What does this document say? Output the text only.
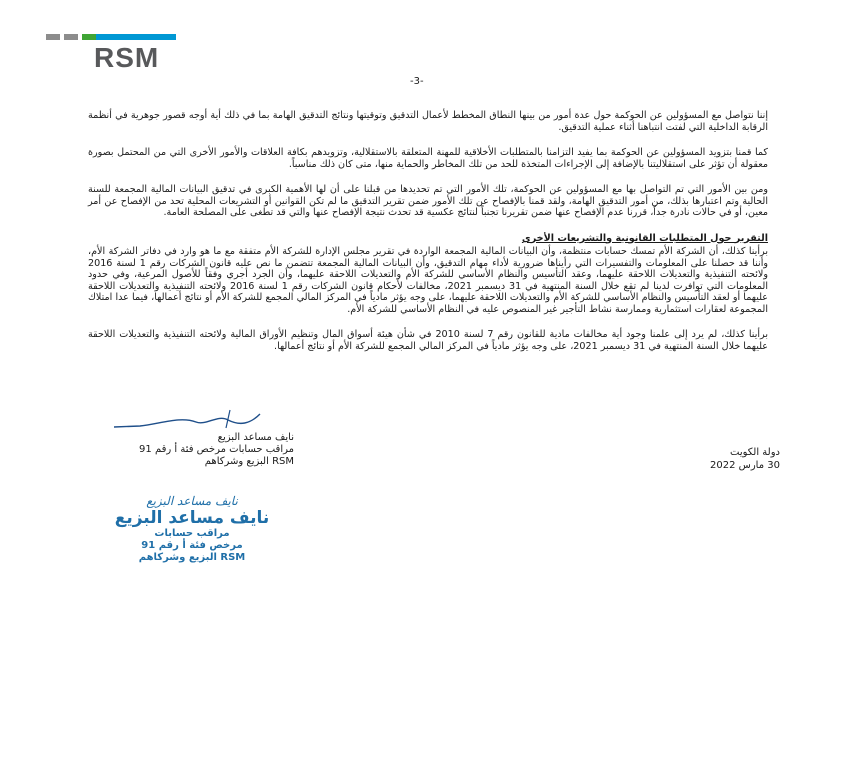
RSM
-3-

إننا نتواصل مع المسؤولين عن الحوكمة حول عدة أمور من بينها النطاق المخطط لأعمال التدقيق وتوقيتها ونتائج التدقيق الهامة بما في ذلك أية أوجه قصور جوهرية في أنظمة الرقابة الداخلية التي لفتت انتباهنا أثناء عملية التدقيق.

كما قمنا بتزويد المسؤولين عن الحوكمة بما يفيد التزامنا بالمتطلبات الأخلاقية للمهنة المتعلقة بالاستقلالية، وتزويدهم بكافة العلاقات والأمور الأخرى التي من المحتمل بصورة معقولة أن تؤثر على استقلاليتنا بالإضافة إلى الإجراءات المتخذة للحد من تلك المخاطر والحماية منها، متى كان ذلك مناسباً.

ومن بين الأمور التي تم التواصل بها مع المسؤولين عن الحوكمة، تلك الأمور التي تم تحديدها من قبلنا على أن لها الأهمية الكبرى في تدقيق البيانات المالية المجمعة للسنة الحالية وتم اعتبارها بذلك، من أمور التدقيق الهامة، ولقد قمنا بالإفصاح عن تلك الأمور ضمن تقرير التدقيق ما لم تكن القوانين أو التشريعات المحلية تحد من الإفصاح عن أمر معين، أو في حالات نادرة جداً، قررنا عدم الإفصاح عنها ضمن تقريرنا تجنباً لنتائج عكسية قد تحدث نتيجة الإفصاح عنها والتي قد تطغى على المصلحة العامة.

التقرير حول المتطلبات القانونية والتشريعات الأخرى

برأينا كذلك، أن الشركة الأم تمسك حسابات منتظمة، وأن البيانات المالية المجمعة الواردة في تقرير مجلس الإدارة للشركة الأم متفقة مع ما هو وارد في دفاتر الشركة الأم، وأننا قد حصلنا على المعلومات والتفسيرات التي رأيناها ضرورية لأداء مهام التدقيق، وأن البيانات المالية المجمعة تتضمن ما نص عليه قانون الشركات رقم 1 لسنة 2016 ولائحته التنفيذية والتعديلات اللاحقة عليهما، وعقد التأسيس والنظام الأساسي للشركة الأم والتعديلات اللاحقة عليهما، وأن الجرد أجري وفقاً للأصول المرعية، وفي حدود المعلومات التي توافرت لدينا لم تقع خلال السنة المنتهية في 31 ديسمبر 2021، مخالفات لأحكام قانون الشركات رقم 1 لسنة 2016 ولائحته التنفيذية والتعديلات اللاحقة عليهما أو لعقد التأسيس والنظام الأساسي للشركة الأم والتعديلات اللاحقة عليهما، على وجه يؤثر مادياً في المركز المالي المجمع للشركة الأم أو نتائج أعمالها، فيما عدا امتلاك المجموعة لعقارات استثمارية وممارسة نشاط التأجير غير المنصوص عليه في النظام الأساسي للشركة الأم.

برأينا كذلك، لم يرد إلى علمنا وجود أية مخالفات مادية للقانون رقم 7 لسنة 2010 في شأن هيئة أسواق المال وتنظيم الأوراق المالية ولائحته التنفيذية والتعديلات اللاحقة عليهما خلال السنة المنتهية في 31 ديسمبر 2021، على وجه يؤثر مادياً في المركز المالي المجمع للشركة الأم أو نتائج أعمالها.

نايف مساعد البزيع
مراقب حسابات مرخص فئة أ رقم 91
RSM البزيع وشركاهم
نايف مساعد البزيع
نايف مساعد البزيع
مراقب حسابات
مرخص فئة أ رقم 91
RSM البزيع وشركاهم
دولة الكويت
30 مارس 2022
